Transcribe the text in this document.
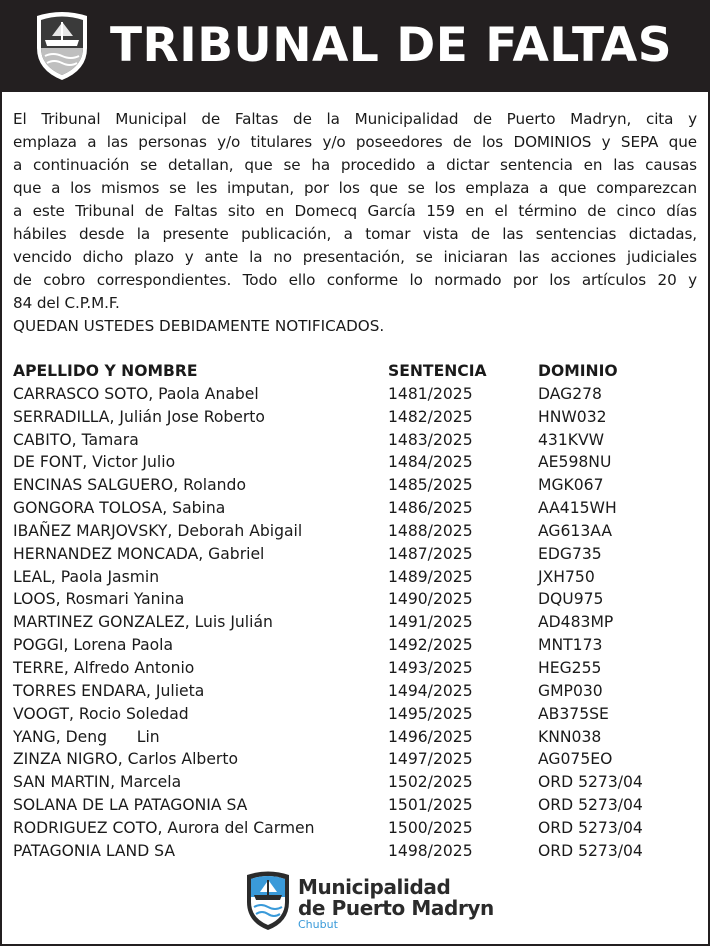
TRIBUNAL DE FALTAS
El Tribunal Municipal de Faltas de la Municipalidad de Puerto Madryn, cita y
emplaza a las personas y/o titulares y/o poseedores de los DOMINIOS y SEPA que
a continuación se detallan, que se ha procedido a dictar sentencia en las causas
que a los mismos se les imputan, por los que se los emplaza a que comparezcan
a este Tribunal de Faltas sito en Domecq García 159 en el término de cinco días
hábiles desde la presente publicación, a tomar vista de las sentencias dictadas,
vencido dicho plazo y ante la no presentación, se iniciaran las acciones judiciales
de cobro correspondientes. Todo ello conforme lo normado por los artículos 20 y
84 del C.P.M.F.
QUEDAN USTEDES DEBIDAMENTE NOTIFICADOS.
APELLIDO Y NOMBRE	SENTENCIA	DOMINIO
CARRASCO SOTO, Paola Anabel	1481/2025	DAG278
SERRADILLA, Julián Jose Roberto	1482/2025	HNW032
CABITO, Tamara	1483/2025	431KVW
DE FONT, Victor Julio	1484/2025	AE598NU
ENCINAS SALGUERO, Rolando	1485/2025	MGK067
GONGORA TOLOSA, Sabina	1486/2025	AA415WH
IBAÑEZ MARJOVSKY, Deborah Abigail	1488/2025	AG613AA
HERNANDEZ MONCADA, Gabriel	1487/2025	EDG735
LEAL, Paola Jasmin	1489/2025	JXH750
LOOS, Rosmari Yanina	1490/2025	DQU975
MARTINEZ GONZALEZ, Luis Julián	1491/2025	AD483MP
POGGI, Lorena Paola	1492/2025	MNT173
TERRE, Alfredo Antonio	1493/2025	HEG255
TORRES ENDARA, Julieta	1494/2025	GMP030
VOOGT, Rocio Soledad	1495/2025	AB375SE
YANG, Deng      Lin	1496/2025	KNN038
ZINZA NIGRO, Carlos Alberto	1497/2025	AG075EO
SAN MARTIN, Marcela	1502/2025	ORD 5273/04
SOLANA DE LA PATAGONIA SA	1501/2025	ORD 5273/04
RODRIGUEZ COTO, Aurora del Carmen	1500/2025	ORD 5273/04
PATAGONIA LAND SA	1498/2025	ORD 5273/04
Municipalidad
de Puerto Madryn
Chubut
